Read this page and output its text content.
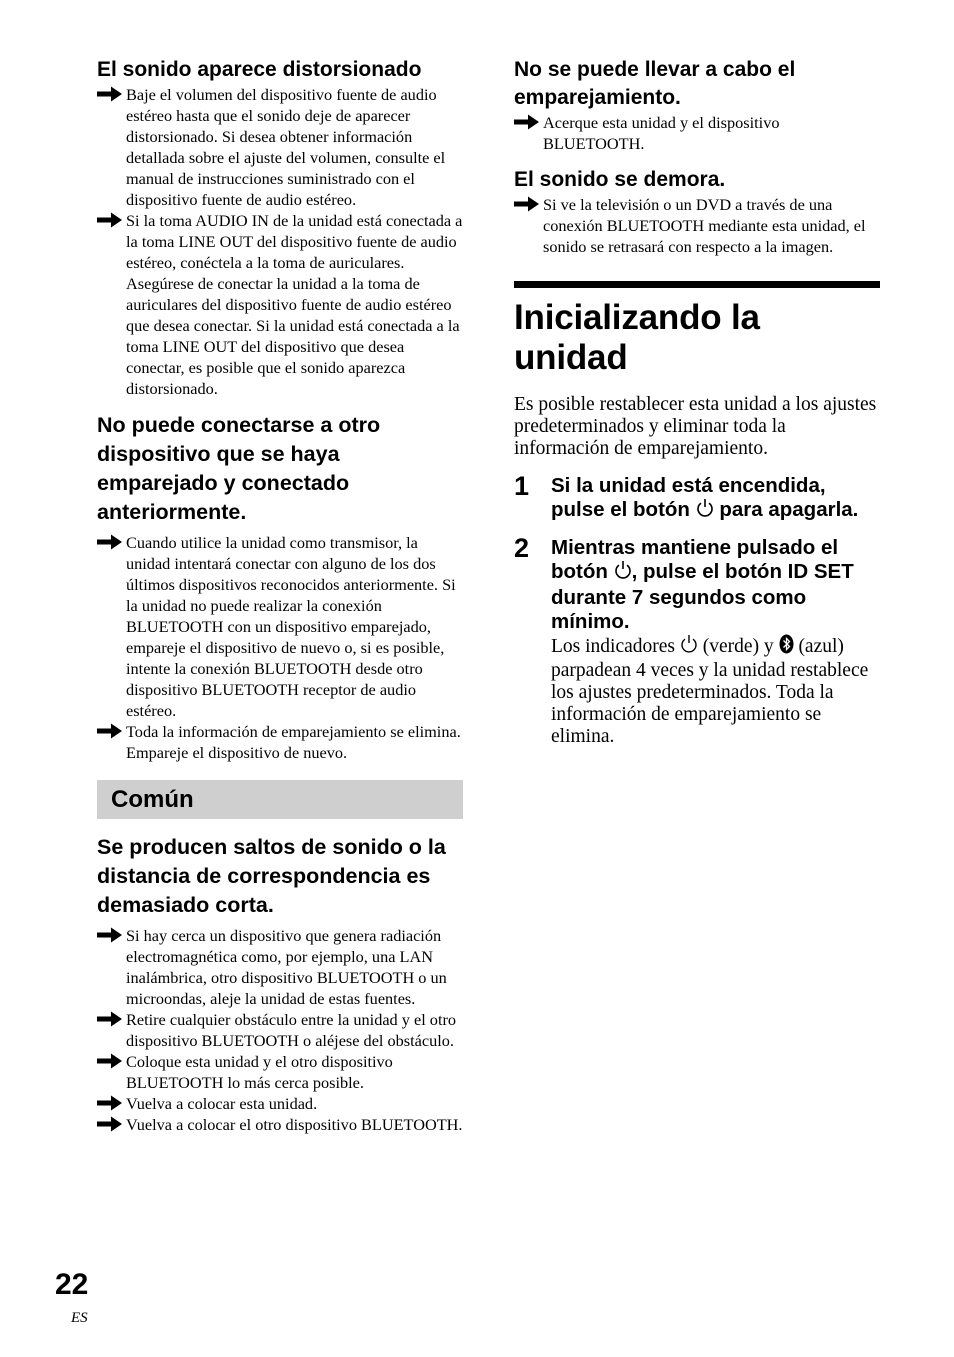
El sonido aparece distorsionado
Baje el volumen del dispositivo fuente de audio estéreo hasta que el sonido deje de aparecer distorsionado. Si desea obtener información detallada sobre el ajuste del volumen, consulte el manual de instrucciones suministrado con el dispositivo fuente de audio estéreo.
Si la toma AUDIO IN de la unidad está conectada a la toma LINE OUT del dispositivo fuente de audio estéreo, conéctela a la toma de auriculares.
Asegúrese de conectar la unidad a la toma de auriculares del dispositivo fuente de audio estéreo que desea conectar. Si la unidad está conectada a la toma LINE OUT del dispositivo que desea conectar, es posible que el sonido aparezca distorsionado.
No puede conectarse a otro dispositivo que se haya emparejado y conectado anteriormente.
Cuando utilice la unidad como transmisor, la unidad intentará conectar con alguno de los dos últimos dispositivos reconocidos anteriormente. Si la unidad no puede realizar la conexión BLUETOOTH con un dispositivo emparejado, empareje el dispositivo de nuevo o, si es posible, intente la conexión BLUETOOTH desde otro dispositivo BLUETOOTH receptor de audio estéreo.
Toda la información de emparejamiento se elimina. Empareje el dispositivo de nuevo.
Común
Se producen saltos de sonido o la distancia de correspondencia es demasiado corta.
Si hay cerca un dispositivo que genera radiación electromagnética como, por ejemplo, una LAN inalámbrica, otro dispositivo BLUETOOTH o un microondas, aleje la unidad de estas fuentes.
Retire cualquier obstáculo entre la unidad y el otro dispositivo BLUETOOTH o aléjese del obstáculo.
Coloque esta unidad y el otro dispositivo BLUETOOTH lo más cerca posible.
Vuelva a colocar esta unidad.
Vuelva a colocar el otro dispositivo BLUETOOTH.
No se puede llevar a cabo el emparejamiento.
Acerque esta unidad y el dispositivo BLUETOOTH.
El sonido se demora.
Si ve la televisión o un DVD a través de una conexión BLUETOOTH mediante esta unidad, el sonido se retrasará con respecto a la imagen.
Inicializando la unidad

Es posible restablecer esta unidad a los ajustes predeterminados y eliminar toda la información de emparejamiento.

1 Si la unidad está encendida, pulse el botón para apagarla.
2 Mientras mantiene pulsado el botón , pulse el botón ID SET durante 7 segundos como mínimo.
Los indicadores (verde) y (azul) parpadean 4 veces y la unidad restablece los ajustes predeterminados. Toda la información de emparejamiento se elimina.
22
ES
